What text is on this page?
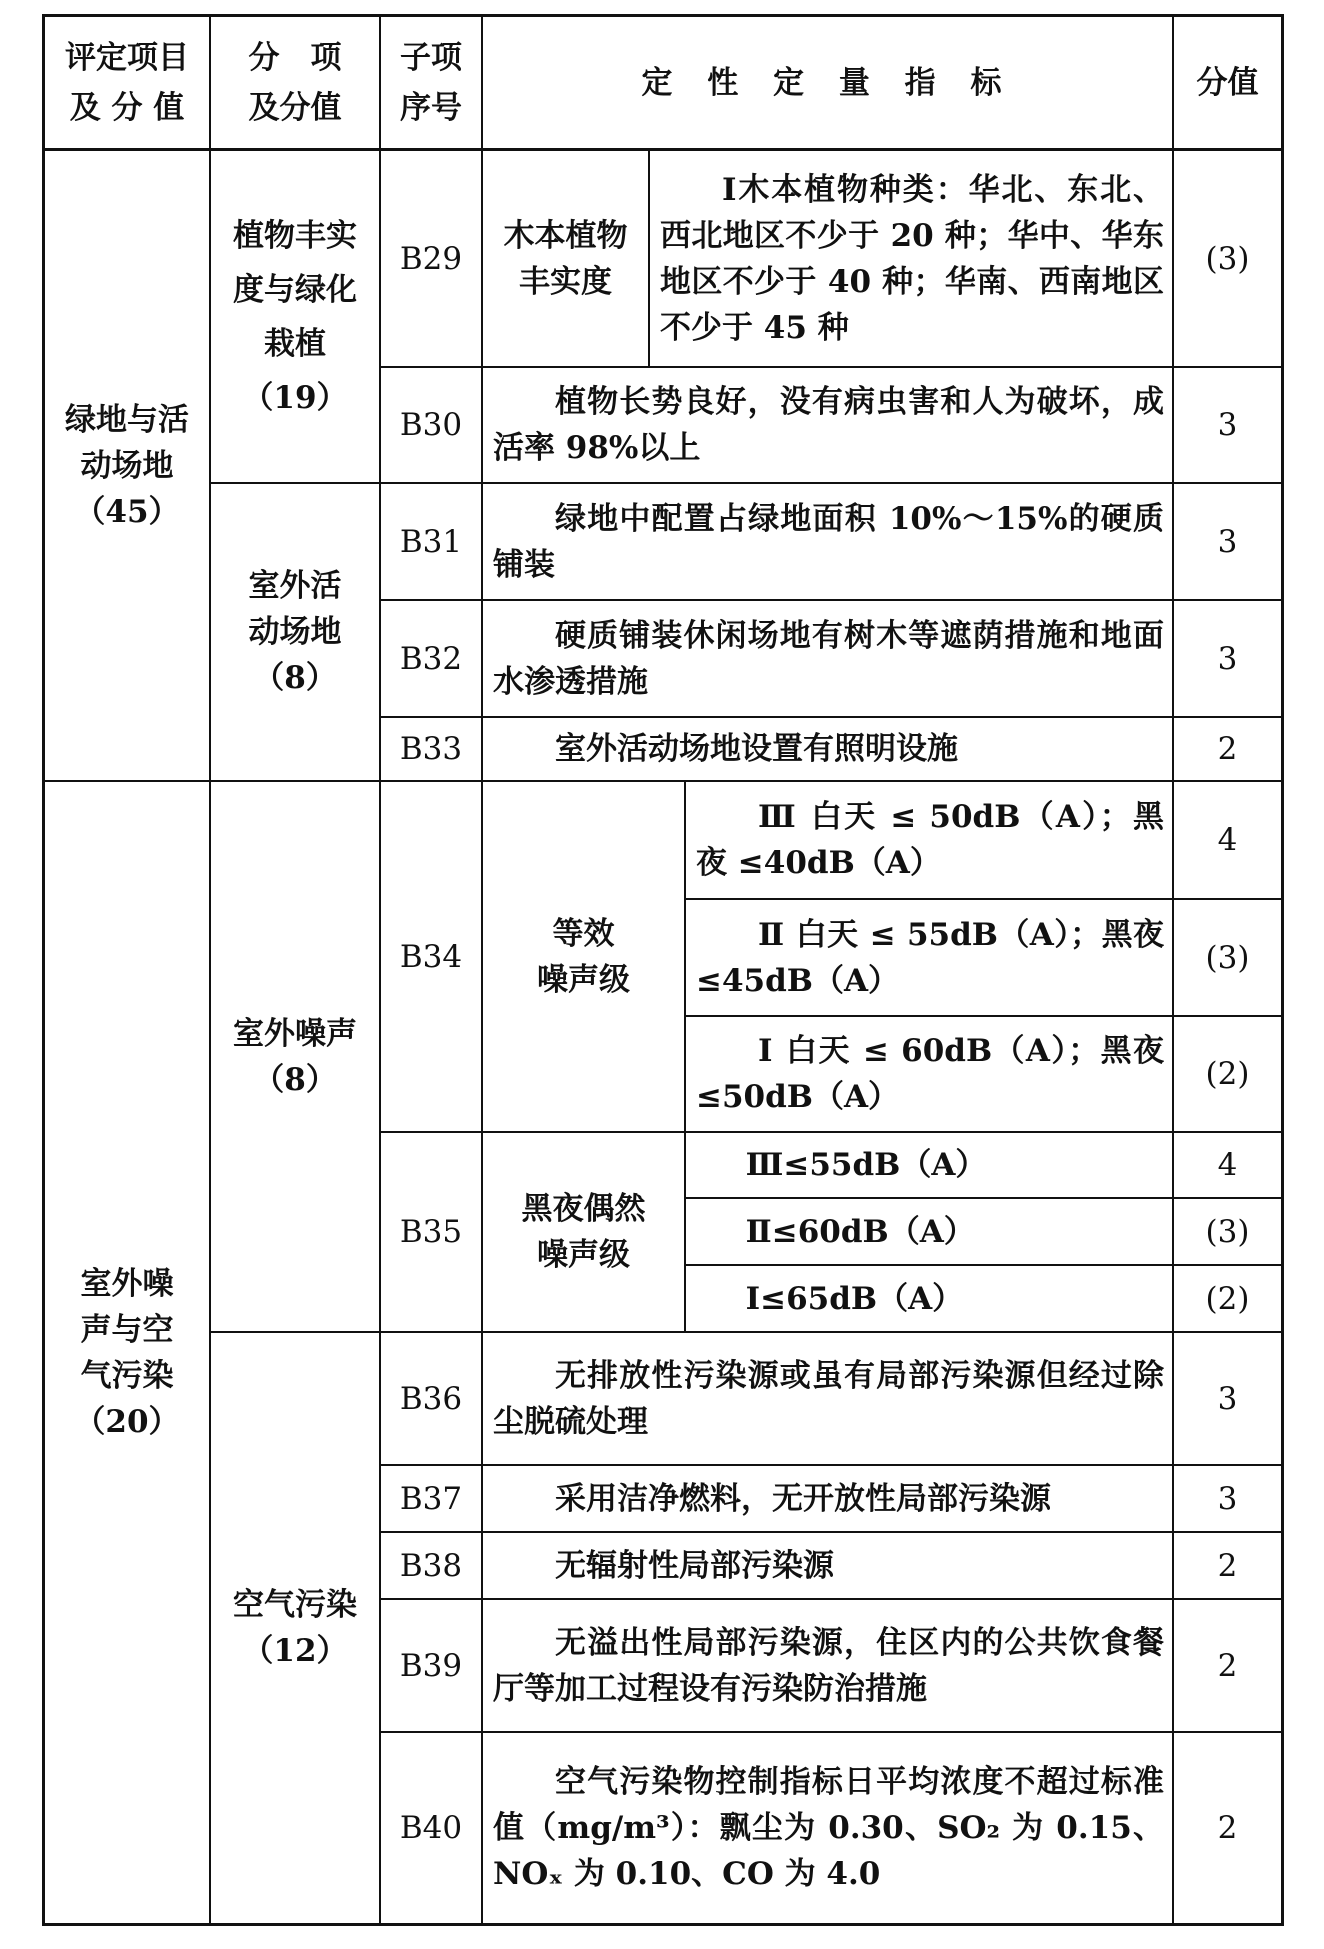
评定项目
及 分 值
分　项
及分值
子项
序号
定 性 定 量 指 标	分值
绿地与活
动场地
（45）
室外噪
声与空
气污染
（20）
植物丰实
度与绿化
栽植
（19）
室外活
动场地
（8）
室外噪声
（8）
空气污染
（12）
B29
B30
B31
B32
B33
B34
B35
B36
B37
B38
B39
B40
木本植物
丰实度
等效
噪声级
黑夜偶然
噪声级
Ⅰ木本植物种类：华北、东北、西北地区不少于 20 种；华中、华东地区不少于 40 种；华南、西南地区不少于 45 种
植物长势良好，没有病虫害和人为破坏，成活率 98%以上
绿地中配置占绿地面积 10%～15%的硬质铺装
硬质铺装休闲场地有树木等遮荫措施和地面水渗透措施
室外活动场地设置有照明设施
Ⅲ 白天 ≤ 50dB（A）；黑夜 ≤40dB（A）
Ⅱ 白天 ≤ 55dB（A）；黑夜 ≤45dB（A）
Ⅰ 白天 ≤ 60dB（A）；黑夜 ≤50dB（A）
Ⅲ≤55dB（A）
Ⅱ≤60dB（A）
Ⅰ≤65dB（A）
无排放性污染源或虽有局部污染源但经过除尘脱硫处理
采用洁净燃料，无开放性局部污染源
无辐射性局部污染源
无溢出性局部污染源，住区内的公共饮食餐厅等加工过程设有污染防治措施
空气污染物控制指标日平均浓度不超过标准值（mg/m³）：飘尘为 0.30、SO₂ 为 0.15、NOₓ 为 0.10、CO 为 4.0
(3)
3
3
3
2
4
(3)
(2)
4
(3)
(2)
3
3
2
2
2
